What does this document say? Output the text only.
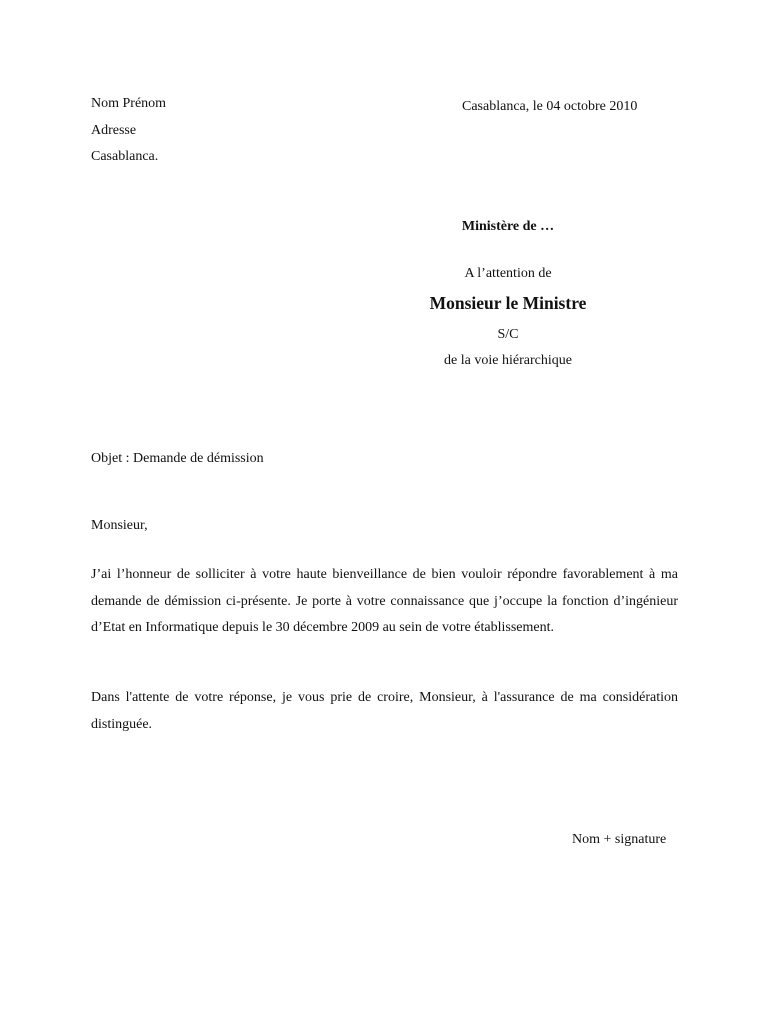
Nom Prénom
Adresse
Casablanca.
Casablanca, le 04 octobre 2010
Ministère de …
A l’attention de
Monsieur le Ministre
S/C
de la voie hiérarchique
Objet : Demande de démission
Monsieur,
J’ai l’honneur de solliciter à votre haute bienveillance de bien vouloir répondre favorablement à ma demande de démission ci-présente. Je porte à votre connaissance que j’occupe la fonction d’ingénieur d’Etat en Informatique depuis le 30 décembre 2009 au sein de votre établissement.
Dans l'attente de votre réponse, je vous prie de croire, Monsieur, à l'assurance de ma considération distinguée.
Nom + signature
